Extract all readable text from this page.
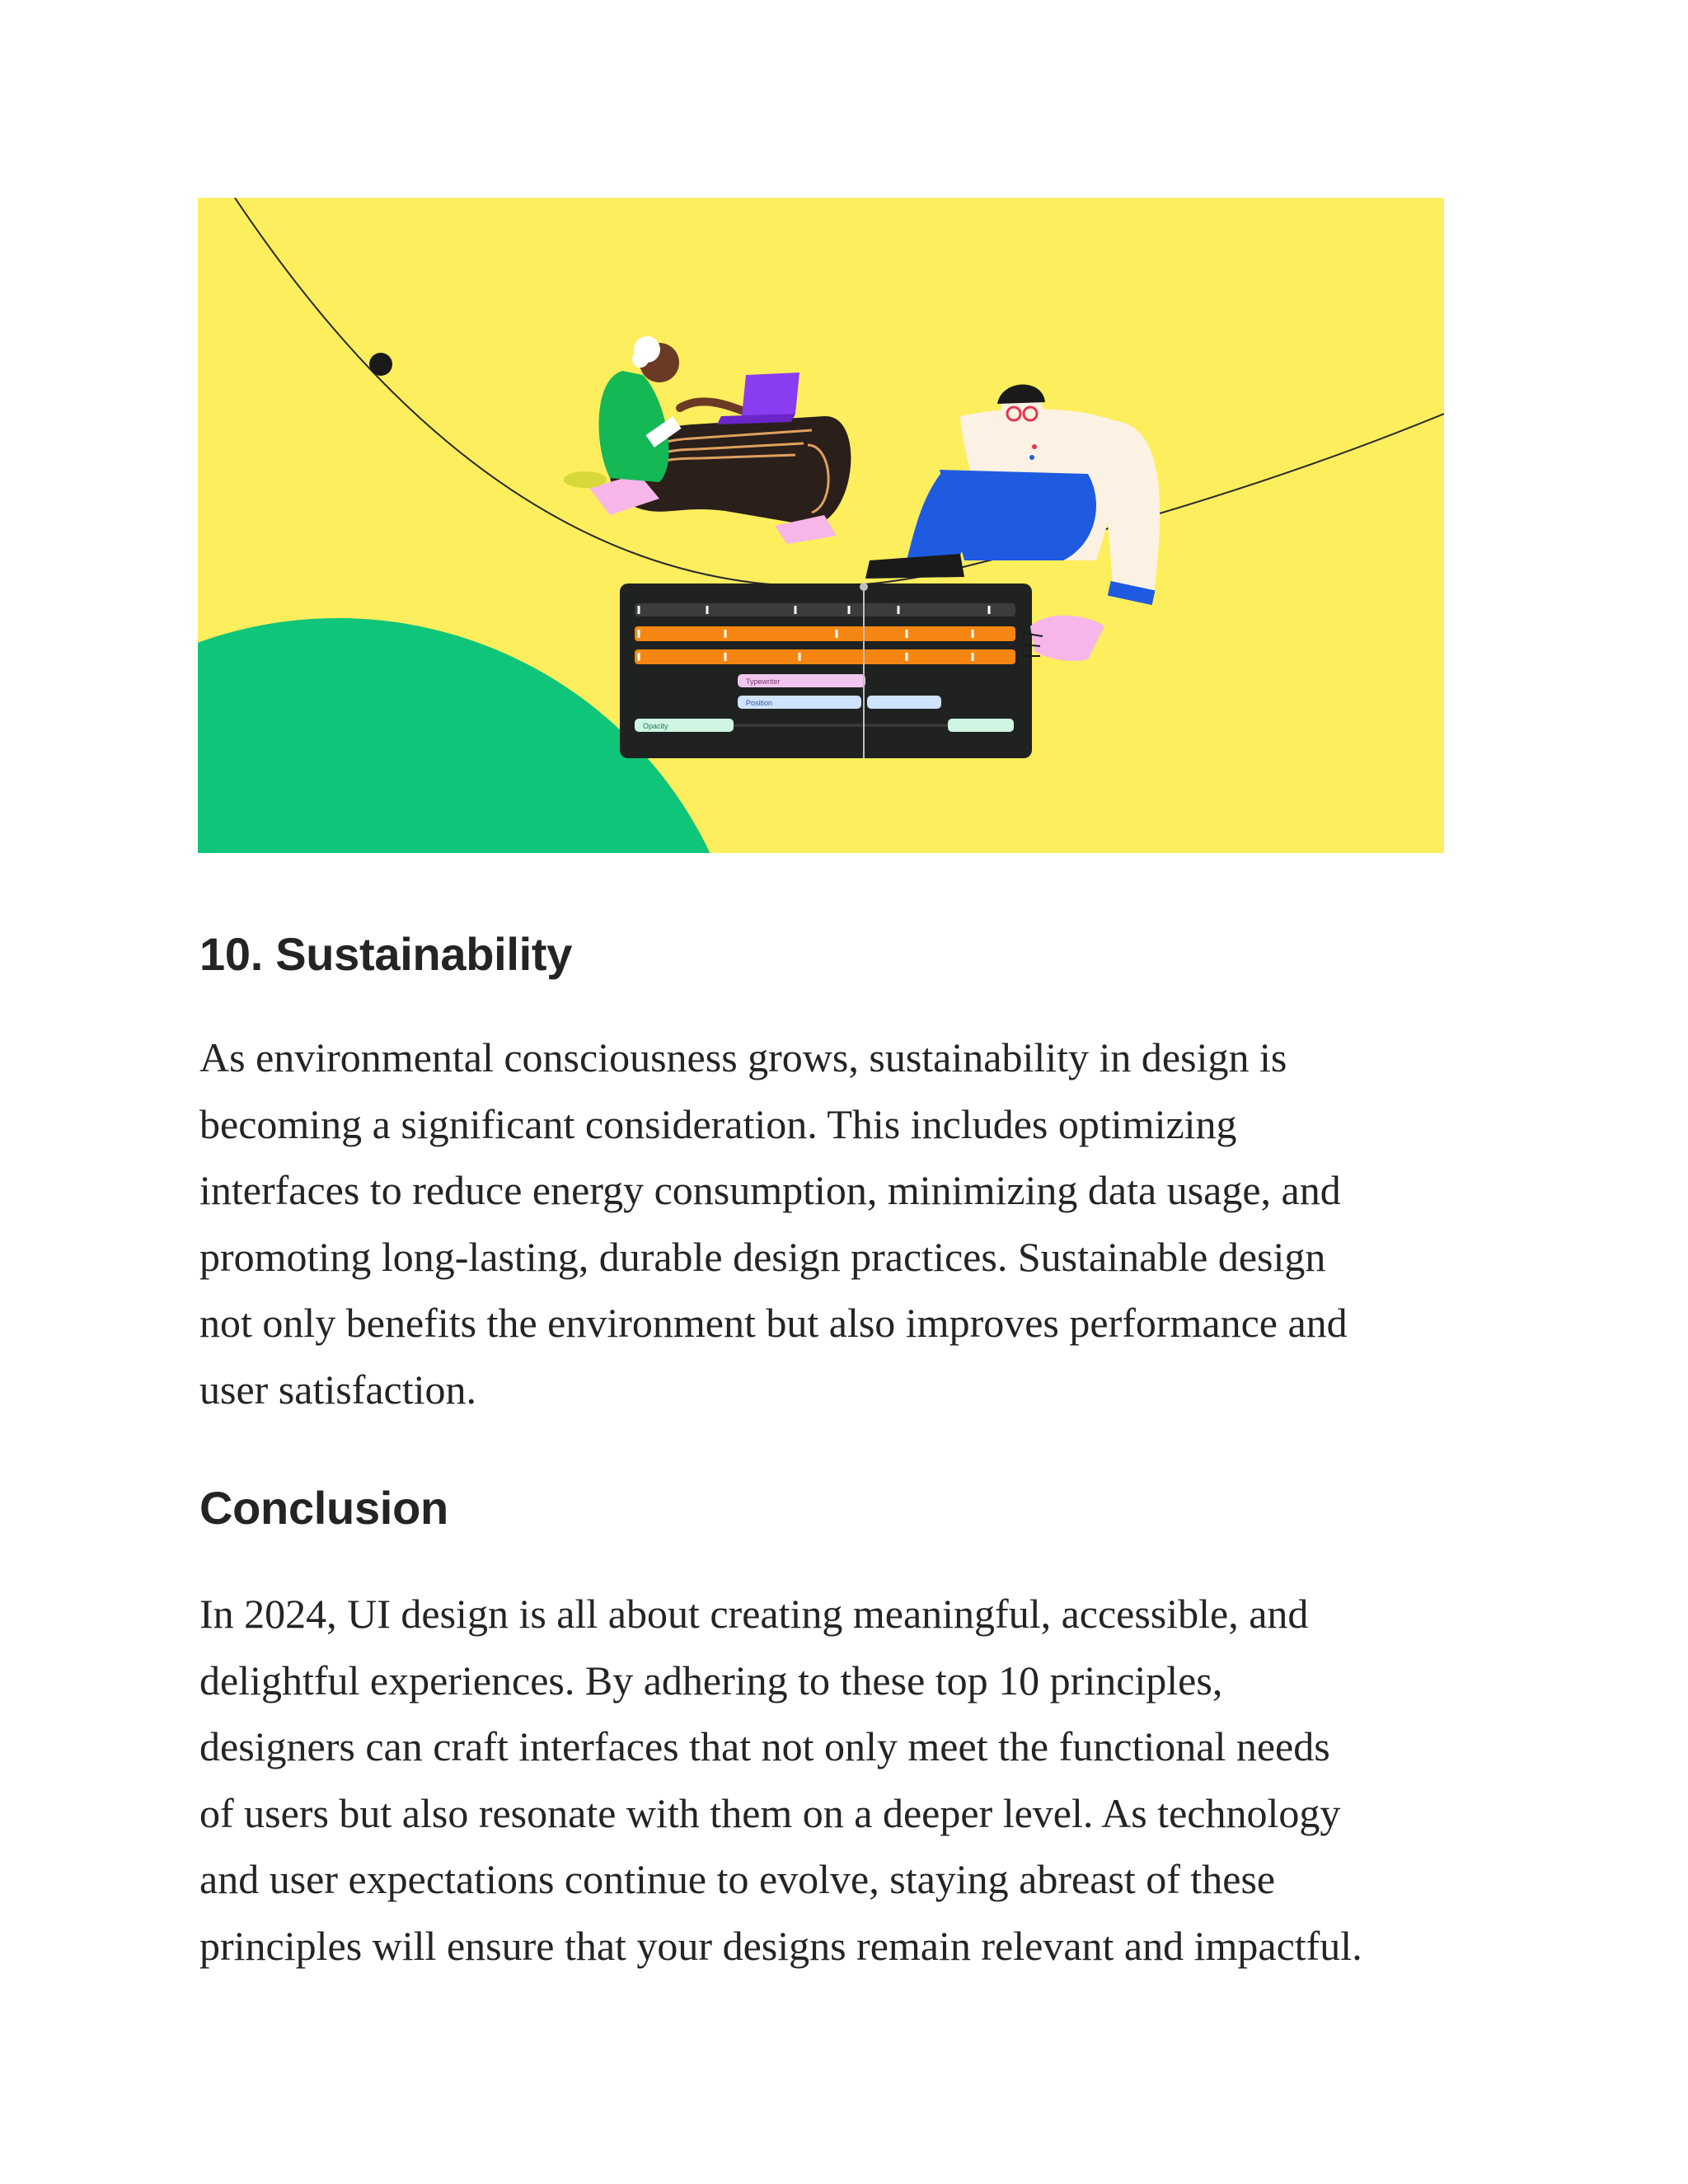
Typewriter
Position
Opacity
10. Sustainability

As environmental consciousness grows, sustainability in design is
becoming a significant consideration. This includes optimizing
interfaces to reduce energy consumption, minimizing data usage, and
promoting long-lasting, durable design practices. Sustainable design
not only benefits the environment but also improves performance and
user satisfaction.

Conclusion

In 2024, UI design is all about creating meaningful, accessible, and
delightful experiences. By adhering to these top 10 principles,
designers can craft interfaces that not only meet the functional needs
of users but also resonate with them on a deeper level. As technology
and user expectations continue to evolve, staying abreast of these
principles will ensure that your designs remain relevant and impactful.
